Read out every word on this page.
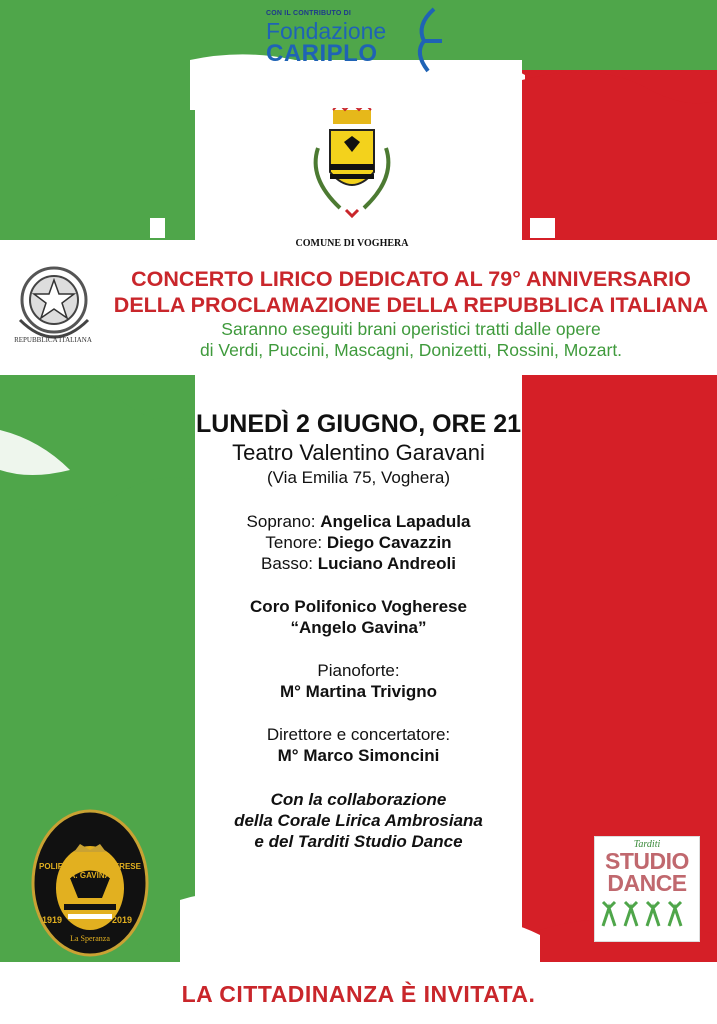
CON IL CONTRIBUTO DI
Fondazione
CARIPLO
COMUNE DI VOGHERA
REPUBBLICA ITALIANA
CONCERTO LIRICO DEDICATO AL 79° ANNIVERSARIO
DELLA PROCLAMAZIONE DELLA REPUBBLICA ITALIANA
Saranno eseguiti brani operistici tratti dalle opere
di Verdi, Puccini, Mascagni, Donizetti, Rossini, Mozart.
LUNEDÌ 2 GIUGNO, ORE 21
Teatro Valentino Garavani
(Via Emilia 75, Voghera)
Soprano: Angelica Lapadula
Tenore: Diego Cavazzin
Basso: Luciano Andreoli
Coro Polifonico Vogherese
“Angelo Gavina”
Pianoforte:
M° Martina Trivigno
Direttore e concertatore:
M° Marco Simoncini
Con la collaborazione
della Corale Lirica Ambrosiana
e del Tarditi Studio Dance
POLIFONICA VOGHERESE A. GAVINA
1919	2019
La Speranza
Tarditi
STUDIO
DANCE
LA CITTADINANZA È INVITATA.
